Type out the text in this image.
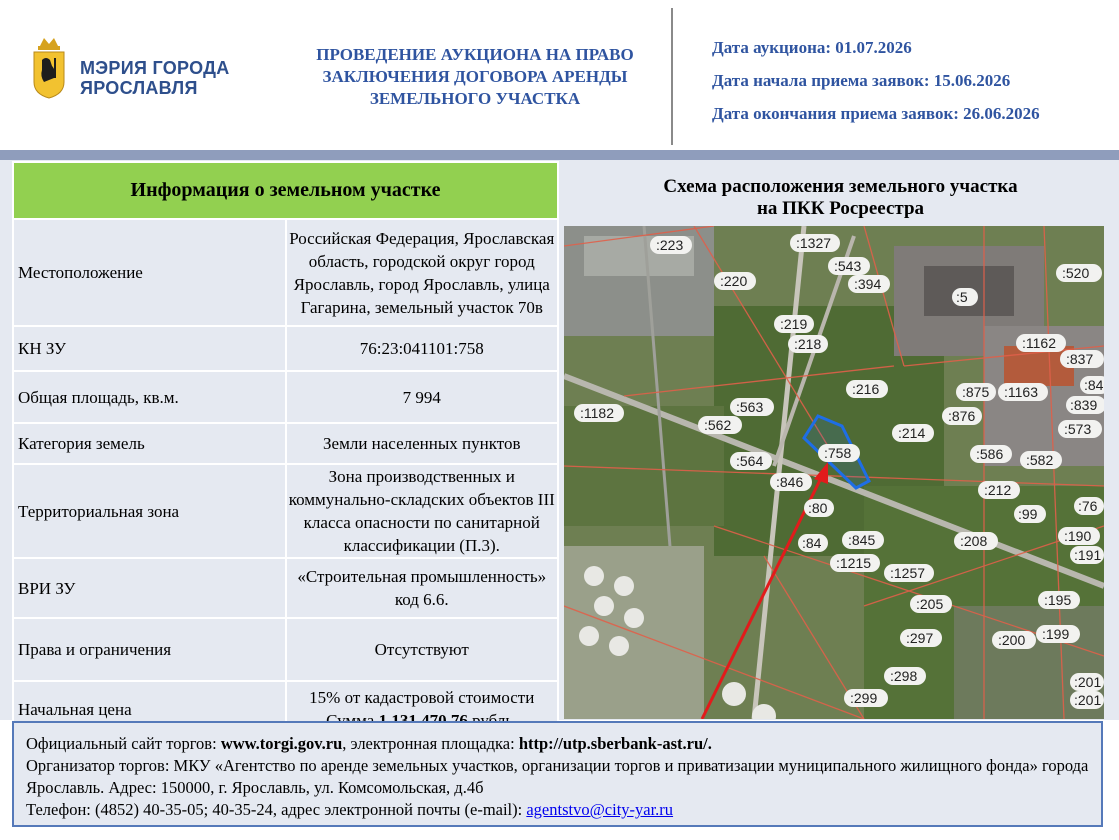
МЭРИЯ ГОРОДА
ЯРОСЛАВЛЯ
ПРОВЕДЕНИЕ АУКЦИОНА НА ПРАВО
ЗАКЛЮЧЕНИЯ ДОГОВОРА АРЕНДЫ
ЗЕМЕЛЬНОГО УЧАСТКА
Дата аукциона: 01.07.2026
Дата начала приема заявок: 15.06.2026
Дата окончания приема заявок: 26.06.2026
Информация о земельном участке	
Местоположение	Российская Федерация, Ярославская область, городской округ город Ярославль, город Ярославль, улица Гагарина, земельный участок 70в
КН ЗУ	76:23:041101:758
Общая площадь, кв.м.	7 994
Категория земель	Земли населенных пунктов
Территориальная зона	Зона производственных и коммунально-складских объектов III класса опасности по санитарной классификации (П.3).
ВРИ ЗУ	«Строительная промышленность» код 6.6.
Права и ограничения	Отсутствуют
Начальная цена	15% от кадастровой стоимости
Схема расположения земельного участка
на ПКК Росреестра
:223	:1327
:543
:394
:520
:220
:5
:219
:218	:1162
:837
:216	:875 :1163	:84
:839
:1182	:563
:562
:876
:214	:573
:758	:586 :582
:564
:846	:212
:80	:99	:76
:845
:84
:1215
:208	:190
:1257
:191
:205	:195
:297	:200 :199
:298	:201
:299	:201
Официальный сайт торгов: www.torgi.gov.ru, электронная площадка: http://utp.sberbank-ast.ru/.
Организатор торгов: МКУ «Агентство по аренде земельных участков, организации торгов и приватизации муниципального жилищного фонда» города Ярославль. Адрес: 150000, г. Ярославль, ул. Комсомольская, д.4б
Телефон: (4852) 40-35-05; 40-35-24, адрес электронной почты (e-mail): agentstvo@city-yar.ru
